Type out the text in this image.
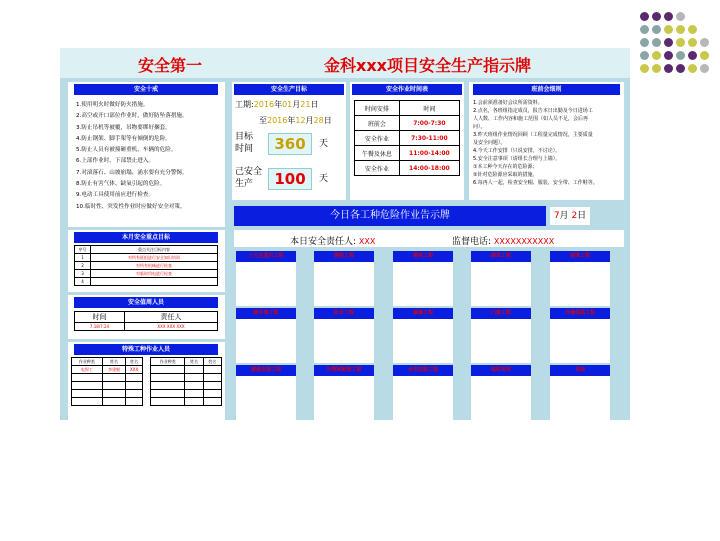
安全第一	金科xxx项目安全生产指示牌
安全十戒
1.使用明火时做好防火措施。
2.高空或开口部位作业时，做好防坠落措施。
3.防止吊机等被覆，吊物要绑好捆套。
4.防止钢架、脚手架等有倾倒的危险。
5.防止人员有被撞砸重机、车辆的危险。
6.上部作业时，下部禁止进入。
7.对滚落石、山坡崩塌、涌水要有充分警惕。
8.防止有害气体、缺氧引起的危险。
9.电动工具使用前应进行检查。
10.临时性、突发性作业时应做好安全对策。
本月安全重点目标
序号	重点关注目标内容
1	对所有班组进行安全知识培训
2	对所有机械进行检查
3	对临时用电进行检查
4	
安全值周人员
时间	责任人
7.18/7.24	XXX XXX XXX
特殊工种作业人员
作业种类	姓名	姓名
电焊工	李建朝	XXX

作业种类	姓名	姓名

安全生产目标
工期:2016年01月21日
至2016年12月28日
目标
时间	360	天
己安全
生产	100	天
安全作业时间表
时间安排	时间
班前会	7:00-7:30
安全作业	7:30-11:00
午餐及休息	11:00-14:00
安全作业	14:00-18:00
班前会细则
1.会前须准备好会议所需资料。
2.点名，各班组指定成员，报告本日出勤及今日进场工
人人数、工作内容和施工范围（如人员不足，会后再
问）。
3.昨天班组作业情况回顾（工程量完成情况，主要质量
及安全问题）。
4.今天工作安排（只说安排，不讨论）。
5.安全注意事项（请组长合理与上墙）。
①本工种今天存在的危险源；
②针对危险源应采取的措施。
6.每再人一起，检查安全帽、服装、安全带、工作鞋等。
今日各工种危险作业告示牌	7月 2日
本日安全责任人: XXX	监督电话: XXXXXXXXXXX
土方及基坑工程	钢筋工程	模板工程	砌体工程	装饰工程
脚手架工程	防水工程	幕墙工程	门窗工程	外墙保温工程
暖通安装工程	外管网配套工程	水电安装工程	临时用电	其他
